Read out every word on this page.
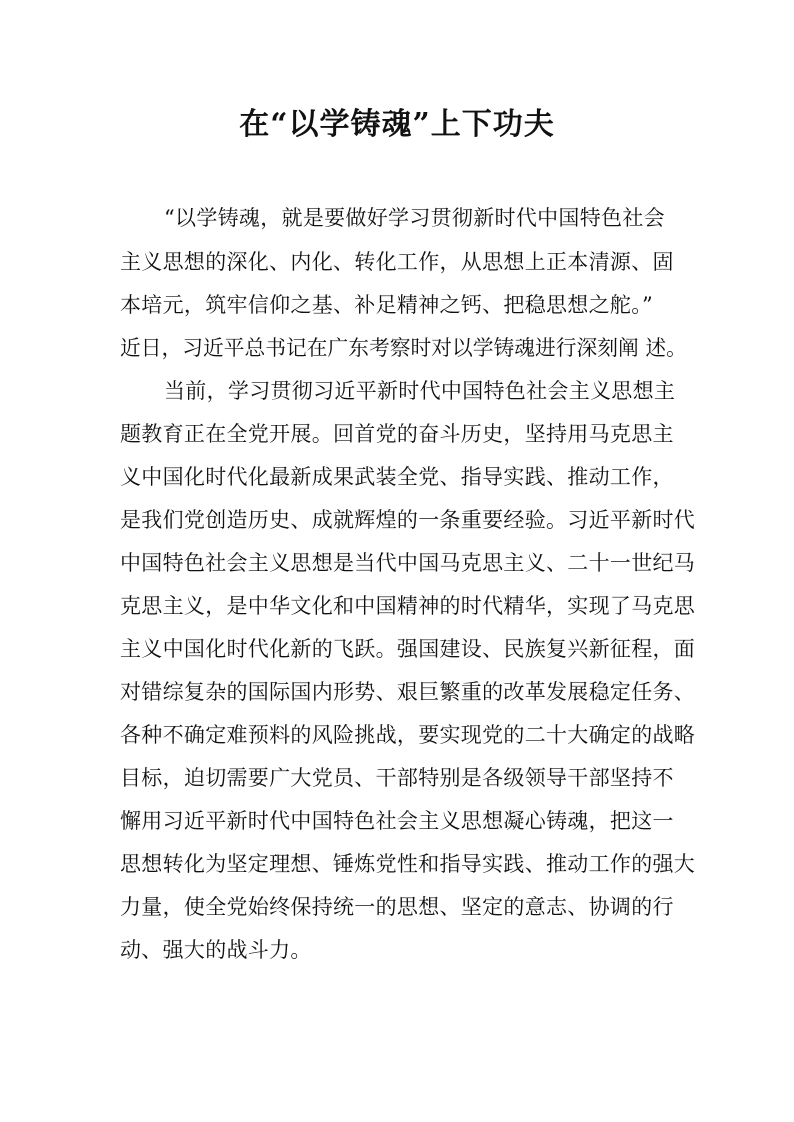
在“以学铸魂”上下功夫

“以学铸魂，就是要做好学习贯彻新时代中国特色社会

主义思想的深化、内化、转化工作，从思想上正本清源、固

本培元，筑牢信仰之基、补足精神之钙、把稳思想之舵。”

近日，习近平总书记在广东考察时对以学铸魂进行深刻阐 述。

当前，学习贯彻习近平新时代中国特色社会主义思想主

题教育正在全党开展。回首党的奋斗历史，坚持用马克思主

义中国化时代化最新成果武装全党、指导实践、推动工作，

是我们党创造历史、成就辉煌的一条重要经验。习近平新时代

中国特色社会主义思想是当代中国马克思主义、二十一世纪马

克思主义，是中华文化和中国精神的时代精华，实现了马克思

主义中国化时代化新的飞跃。强国建设、民族复兴新征程，面

对错综复杂的国际国内形势、艰巨繁重的改革发展稳定任务、

各种不确定难预料的风险挑战，要实现党的二十大确定的战略

目标，迫切需要广大党员、干部特别是各级领导干部坚持不

懈用习近平新时代中国特色社会主义思想凝心铸魂，把这一

思想转化为坚定理想、锤炼党性和指导实践、推动工作的强大

力量，使全党始终保持统一的思想、坚定的意志、协调的行

动、强大的战斗力。
